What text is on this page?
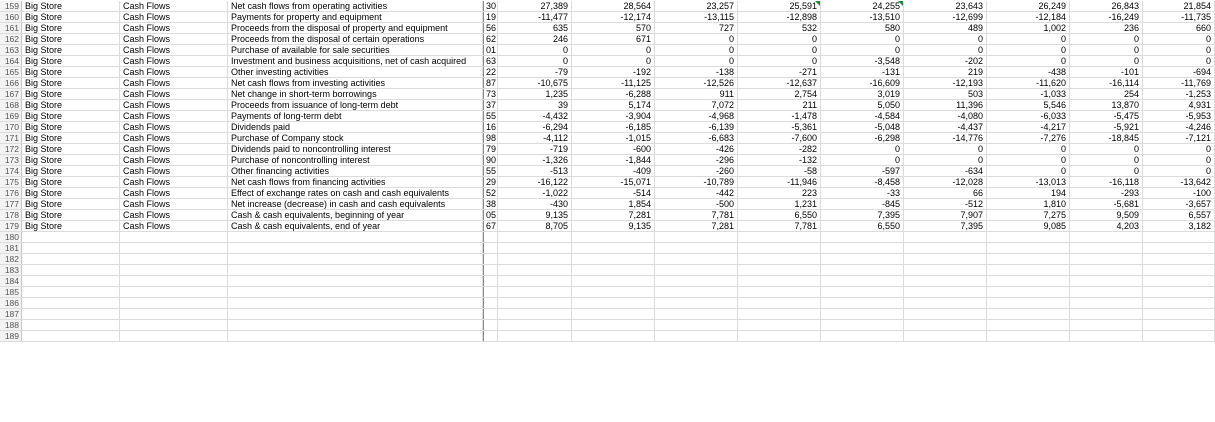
159 Big Store	Cash Flows	Net cash flows from operating activities	30	27,389	28,564	23,257	25,591	24,255	23,643	26,249	26,843	21,854
160 Big Store	Cash Flows	Payments for property and equipment	19	-11,477	-12,174	-13,115	-12,898	-13,510	-12,699	-12,184	-16,249	-11,735
161 Big Store	Cash Flows	Proceeds from the disposal of property and equipment	56	635	570	727	532	580	489	1,002	236	660
162 Big Store	Cash Flows	Proceeds from the disposal of certain operations	62	246	671	0	0	0	0	0	0	0
163 Big Store	Cash Flows	Purchase of available for sale securities	01	0	0	0	0	0	0	0	0	0
164 Big Store	Cash Flows	Investment and business acquisitions, net of cash acquired	63	0	0	0	0	-3,548	-202	0	0	0
165 Big Store	Cash Flows	Other investing activities	22	-79	-192	-138	-271	-131	219	-438	-101	-694
166 Big Store	Cash Flows	Net cash flows from investing activities	87	-10,675	-11,125	-12,526	-12,637	-16,609	-12,193	-11,620	-16,114	-11,769
167 Big Store	Cash Flows	Net change in short-term borrowings	73	1,235	-6,288	911	2,754	3,019	503	-1,033	254	-1,253
168 Big Store	Cash Flows	Proceeds from issuance of long-term debt	37	39	5,174	7,072	211	5,050	11,396	5,546	13,870	4,931
169 Big Store	Cash Flows	Payments of long-term debt	55	-4,432	-3,904	-4,968	-1,478	-4,584	-4,080	-6,033	-5,475	-5,953
170 Big Store	Cash Flows	Dividends paid	16	-6,294	-6,185	-6,139	-5,361	-5,048	-4,437	-4,217	-5,921	-4,246
171 Big Store	Cash Flows	Purchase of Company stock	98	-4,112	-1,015	-6,683	-7,600	-6,298	-14,776	-7,276	-18,845	-7,121
172 Big Store	Cash Flows	Dividends paid to noncontrolling interest	79	-719	-600	-426	-282	0	0	0	0	0
173 Big Store	Cash Flows	Purchase of noncontrolling interest	90	-1,326	-1,844	-296	-132	0	0	0	0	0
174 Big Store	Cash Flows	Other financing activities	55	-513	-409	-260	-58	-597	-634	0	0	0
175 Big Store	Cash Flows	Net cash flows from financing activities	29	-16,122	-15,071	-10,789	-11,946	-8,458	-12,028	-13,013	-16,118	-13,642
176 Big Store	Cash Flows	Effect of exchange rates on cash and cash equivalents	52	-1,022	-514	-442	223	-33	66	194	-293	-100
177 Big Store	Cash Flows	Net increase (decrease) in cash and cash equivalents	38	-430	1,854	-500	1,231	-845	-512	1,810	-5,681	-3,657
178 Big Store	Cash Flows	Cash & cash equivalents, beginning of year	05	9,135	7,281	7,781	6,550	7,395	7,907	7,275	9,509	6,557
179 Big Store	Cash Flows	Cash & cash equivalents, end of year	67	8,705	9,135	7,281	7,781	6,550	7,395	9,085	4,203	3,182
180
181
182
183
184
185
186
187
188
189
